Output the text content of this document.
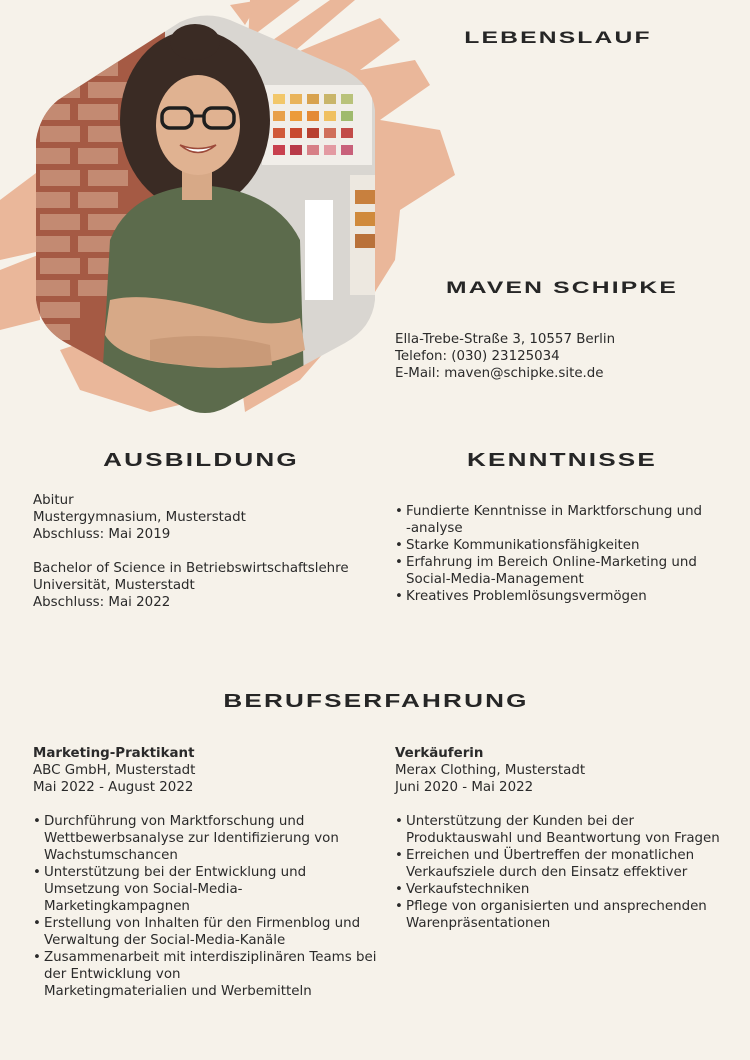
LEBENSLAUF
MAVEN SCHIPKE
Ella-Trebe-Straße 3, 10557 Berlin
Telefon: (030) 23125034
E-Mail: maven@schipke.site.de
AUSBILDUNG
Abitur
Mustergymnasium, Musterstadt
Abschluss: Mai 2019
Bachelor of Science in Betriebswirtschaftslehre
Universität, Musterstadt
Abschluss: Mai 2022
KENNTNISSE
• Fundierte Kenntnisse in Marktforschung und
-analyse
• Starke Kommunikationsfähigkeiten
• Erfahrung im Bereich Online-Marketing und
Social-Media-Management
• Kreatives Problemlösungsvermögen
BERUFSERFAHRUNG
Marketing-Praktikant
ABC GmbH, Musterstadt
Mai 2022 - August 2022
• Durchführung von Marktforschung und
Wettbewerbsanalyse zur Identifizierung von
Wachstumschancen
• Unterstützung bei der Entwicklung und
Umsetzung von Social-Media-
Marketingkampagnen
• Erstellung von Inhalten für den Firmenblog und
Verwaltung der Social-Media-Kanäle
• Zusammenarbeit mit interdisziplinären Teams bei
der Entwicklung von
Marketingmaterialien und Werbemitteln
Verkäuferin
Merax Clothing, Musterstadt
Juni 2020 - Mai 2022
• Unterstützung der Kunden bei der
Produktauswahl und Beantwortung von Fragen
• Erreichen und Übertreffen der monatlichen
Verkaufsziele durch den Einsatz effektiver
• Verkaufstechniken
• Pflege von organisierten und ansprechenden
Warenpräsentationen
